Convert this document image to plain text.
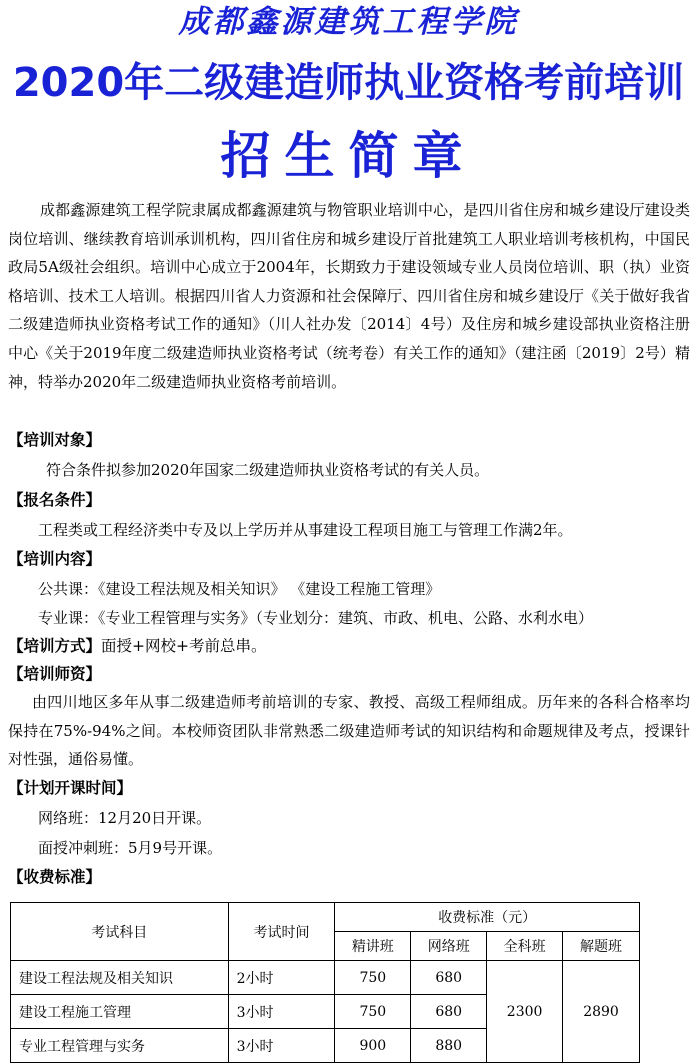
成都鑫源建筑工程学院
2020年二级建造师执业资格考前培训
招生简章
成都鑫源建筑工程学院隶属成都鑫源建筑与物管职业培训中心，是四川省住房和城乡建设厅建设类岗位培训、继续教育培训承训机构，四川省住房和城乡建设厅首批建筑工人职业培训考核机构，中国民政局5A级社会组织。培训中心成立于2004年，长期致力于建设领域专业人员岗位培训、职（执）业资格培训、技术工人培训。根据四川省人力资源和社会保障厅、四川省住房和城乡建设厅《关于做好我省二级建造师执业资格考试工作的通知》（川人社办发〔2014〕4号）及住房和城乡建设部执业资格注册中心《关于2019年度二级建造师执业资格考试（统考卷）有关工作的通知》（建注函〔2019〕2号）精神，特举办2020年二级建造师执业资格考前培训。
【培训对象】
符合条件拟参加2020年国家二级建造师执业资格考试的有关人员。
【报名条件】
工程类或工程经济类中专及以上学历并从事建设工程项目施工与管理工作满2年。
【培训内容】
公共课：《建设工程法规及相关知识》 《建设工程施工管理》
专业课：《专业工程管理与实务》（专业划分：建筑、市政、机电、公路、水利水电）
【培训方式】面授+网校+考前总串。
【培训师资】
由四川地区多年从事二级建造师考前培训的专家、教授、高级工程师组成。历年来的各科合格率均保持在75%-94%之间。本校师资团队非常熟悉二级建造师考试的知识结构和命题规律及考点，授课针对性强，通俗易懂。
【计划开课时间】
网络班：12月20日开课。
面授冲刺班：5月9号开课。
【收费标准】
考试科目	考试时间	收费标准（元）			
		精讲班	网络班	全科班	解题班
建设工程法规及相关知识	2小时	750	680	2300	2890
建设工程施工管理	3小时	750	680		
专业工程管理与实务	3小时	900	880		
